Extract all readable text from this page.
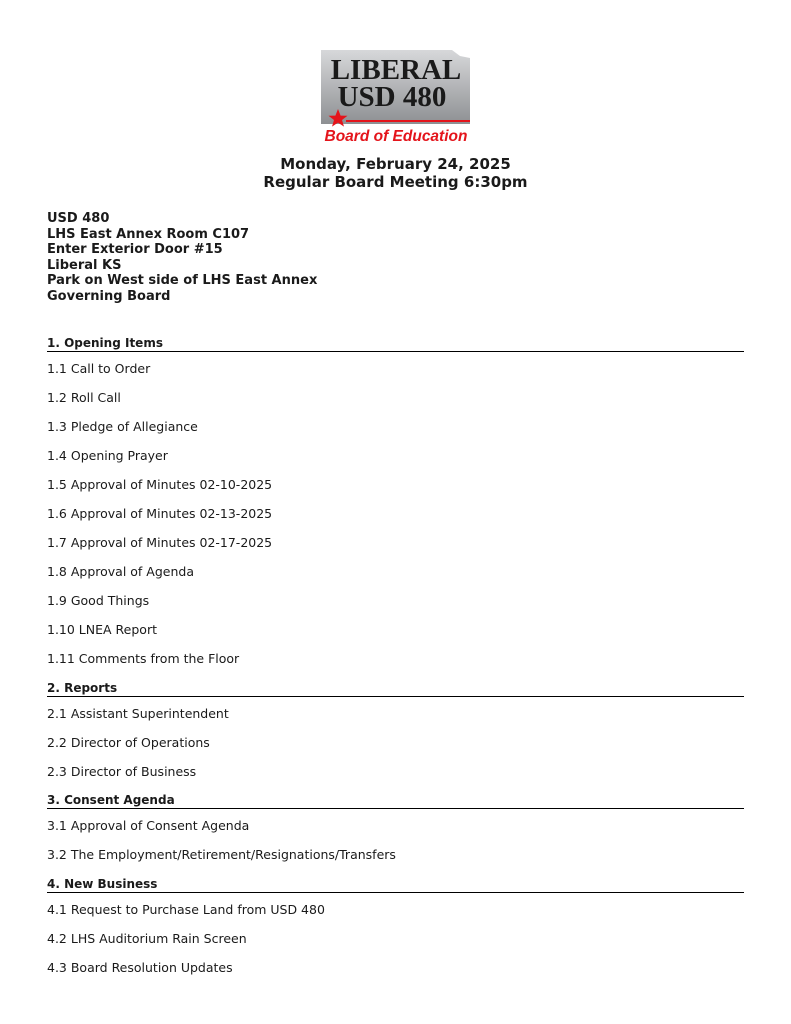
LIBERAL
USD 480
Board of Education
Monday, February 24, 2025
Regular Board Meeting 6:30pm
USD 480
LHS East Annex Room C107
Enter Exterior Door #15
Liberal KS
Park on West side of LHS East Annex
Governing Board
1. Opening Items
1.1 Call to Order
1.2 Roll Call
1.3 Pledge of Allegiance
1.4 Opening Prayer
1.5 Approval of Minutes 02-10-2025
1.6 Approval of Minutes 02-13-2025
1.7 Approval of Minutes 02-17-2025
1.8 Approval of Agenda
1.9 Good Things
1.10 LNEA Report
1.11 Comments from the Floor
2. Reports
2.1 Assistant Superintendent
2.2 Director of Operations
2.3 Director of Business
3. Consent Agenda
3.1 Approval of Consent Agenda
3.2 The Employment/Retirement/Resignations/Transfers
4. New Business
4.1 Request to Purchase Land from USD 480
4.2 LHS Auditorium Rain Screen
4.3 Board Resolution Updates
